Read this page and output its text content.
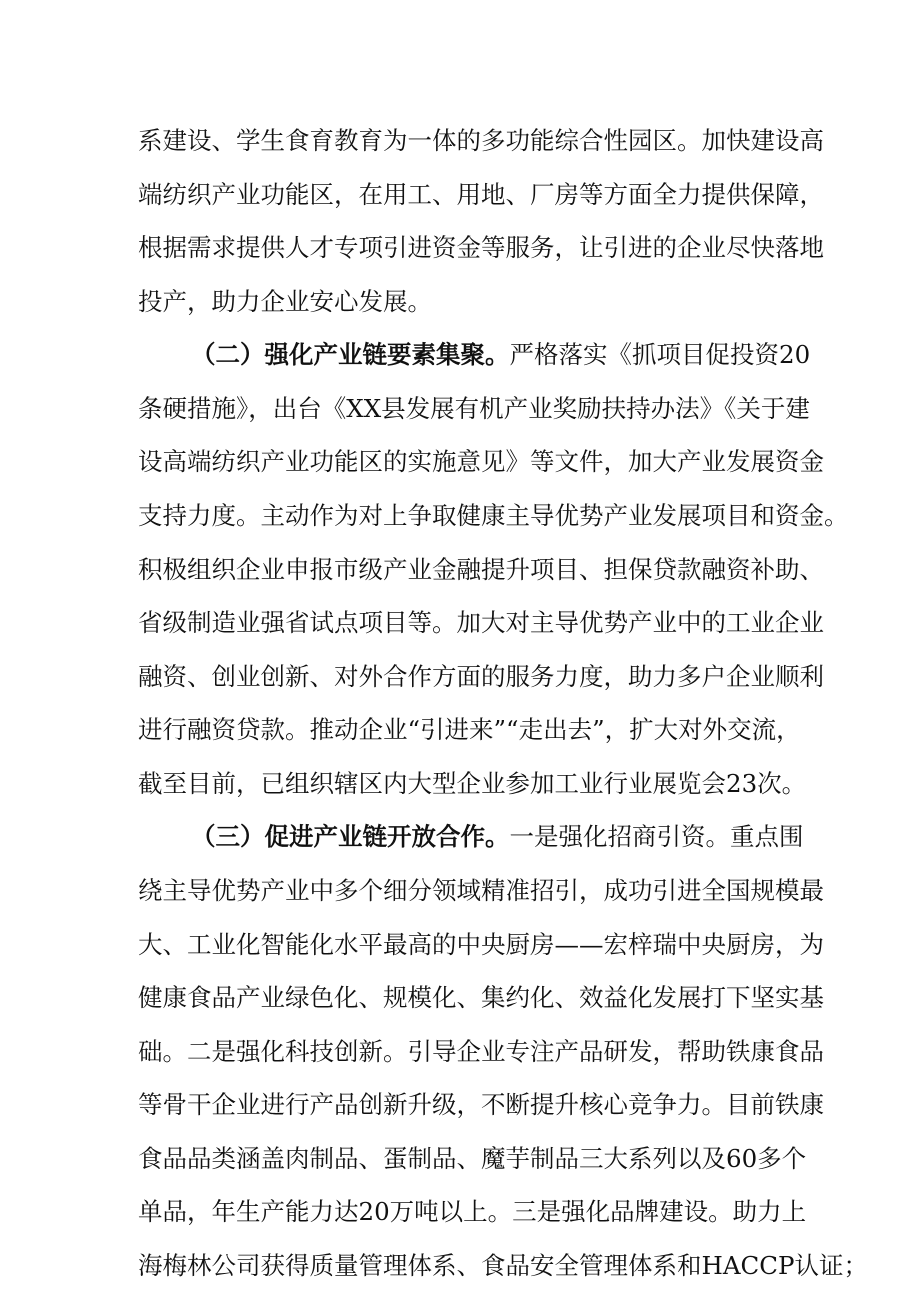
系建设、学生食育教育为一体的多功能综合性园区。加快建设高
端纺织产业功能区，在用工、用地、厂房等方面全力提供保障，
根据需求提供人才专项引进资金等服务，让引进的企业尽快落地
投产，助力企业安心发展。
（二）强化产业链要素集聚。严格落实《抓项目促投资20
条硬措施》，出台《XX县发展有机产业奖励扶持办法》《关于建
设高端纺织产业功能区的实施意见》等文件，加大产业发展资金
支持力度。主动作为对上争取健康主导优势产业发展项目和资金。
积极组织企业申报市级产业金融提升项目、担保贷款融资补助、
省级制造业强省试点项目等。加大对主导优势产业中的工业企业
融资、创业创新、对外合作方面的服务力度，助力多户企业顺利
进行融资贷款。推动企业“引进来”“走出去”，扩大对外交流，
截至目前，已组织辖区内大型企业参加工业行业展览会23次。
（三）促进产业链开放合作。一是强化招商引资。重点围
绕主导优势产业中多个细分领域精准招引，成功引进全国规模最
大、工业化智能化水平最高的中央厨房——宏梓瑞中央厨房，为
健康食品产业绿色化、规模化、集约化、效益化发展打下坚实基
础。二是强化科技创新。引导企业专注产品研发，帮助铁康食品
等骨干企业进行产品创新升级，不断提升核心竞争力。目前铁康
食品品类涵盖肉制品、蛋制品、魔芋制品三大系列以及60多个
单品，年生产能力达20万吨以上。三是强化品牌建设。助力上
海梅林公司获得质量管理体系、食品安全管理体系和HACCP认证；
